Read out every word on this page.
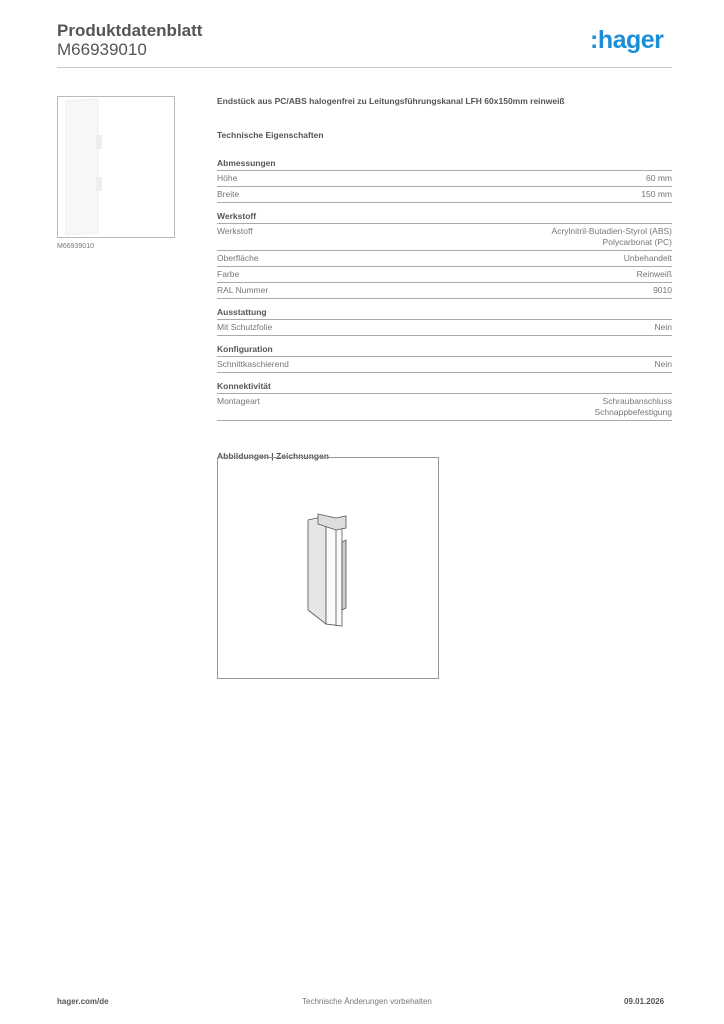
Produktdatenblatt
M66939010	:hager
M66939010
Endstück aus PC/ABS halogenfrei zu Leitungsführungskanal LFH 60x150mm reinweiß
Technische Eigenschaften
Abmessungen
Höhe	60 mm
Breite	150 mm
Werkstoff
Werkstoff	Acrylnitril-Butadien-Styrol (ABS)
Polycarbonat (PC)
Oberfläche	Unbehandelt
Farbe	Reinweiß
RAL Nummer	9010
Ausstattung
Mit Schutzfolie	Nein
Konfiguration
Schnittkaschierend	Nein
Konnektivität
Montageart	Schraubanschluss
Schnappbefestigung
Abbildungen | Zeichnungen
hager.com/de	Technische Änderungen vorbehalten	09.01.2026
